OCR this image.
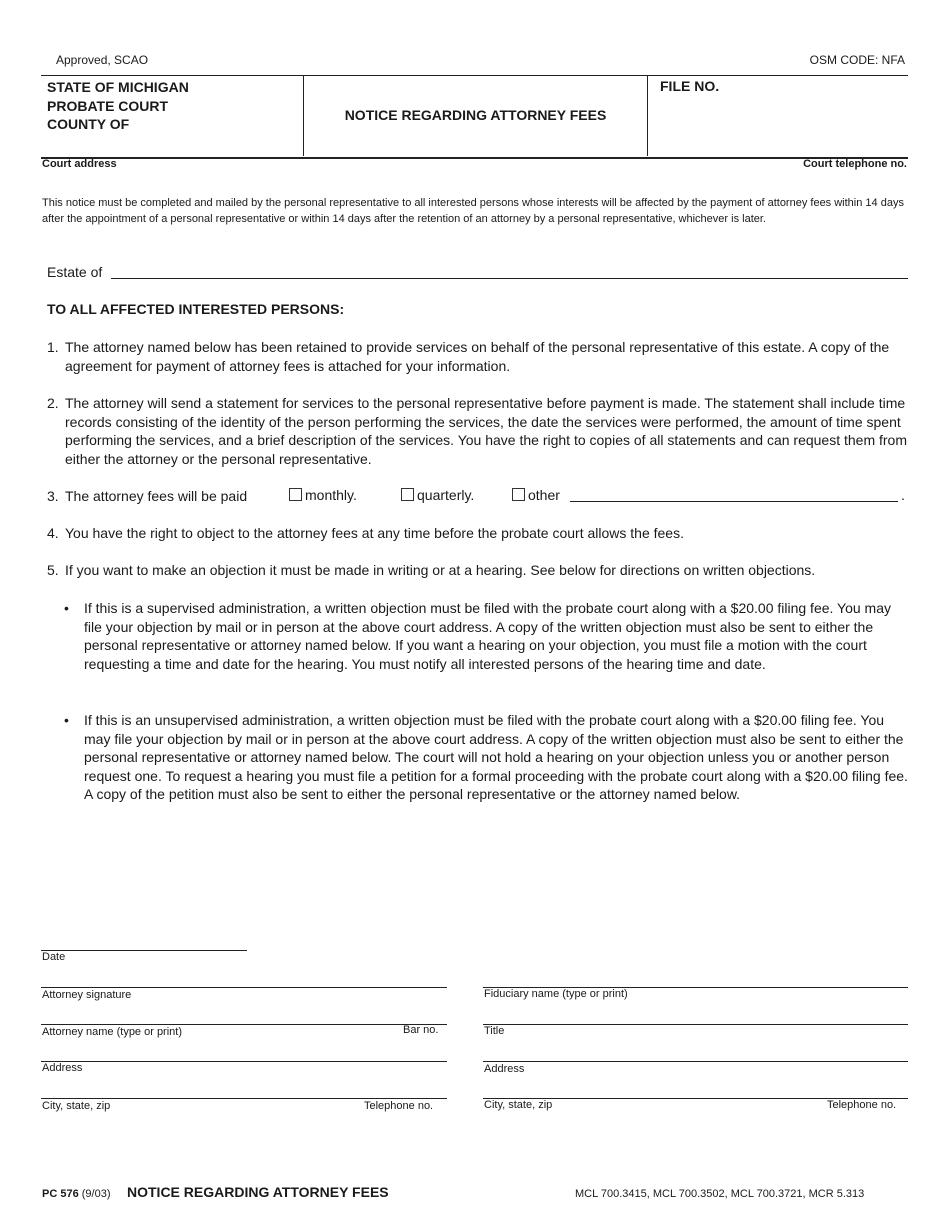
Approved, SCAO	OSM CODE: NFA
STATE OF MICHIGAN
PROBATE COURT
COUNTY OF
NOTICE REGARDING ATTORNEY FEES
FILE NO.
Court address	Court telephone no.
This notice must be completed and mailed by the personal representative to all interested persons whose interests will be affected by the payment of attorney fees within 14 days after the appointment of a personal representative or within 14 days after the retention of an attorney by a personal representative, whichever is later.
Estate of
TO ALL AFFECTED INTERESTED PERSONS:
1. The attorney named below has been retained to provide services on behalf of the personal representative of this estate. A copy of the agreement for payment of attorney fees is attached for your information.
2. The attorney will send a statement for services to the personal representative before payment is made. The statement shall include time records consisting of the identity of the person performing the services, the date the services were performed, the amount of time spent performing the services, and a brief description of the services. You have the right to copies of all statements and can request them from either the attorney or the personal representative.
3. The attorney fees will be paid	monthly.	quarterly.	other	.
4. You have the right to object to the attorney fees at any time before the probate court allows the fees.
5. If you want to make an objection it must be made in writing or at a hearing. See below for directions on written objections.
• If this is a supervised administration, a written objection must be filed with the probate court along with a $20.00 filing fee. You may file your objection by mail or in person at the above court address. A copy of the written objection must also be sent to either the personal representative or attorney named below. If you want a hearing on your objection, you must file a motion with the court requesting a time and date for the hearing. You must notify all interested persons of the hearing time and date.
• If this is an unsupervised administration, a written objection must be filed with the probate court along with a $20.00 filing fee. You may file your objection by mail or in person at the above court address. A copy of the written objection must also be sent to either the personal representative or attorney named below. The court will not hold a hearing on your objection unless you or another person request one. To request a hearing you must file a petition for a formal proceeding with the probate court along with a $20.00 filing fee. A copy of the petition must also be sent to either the personal representative or the attorney named below.
Date
Attorney signature
Attorney name (type or print)	Bar no.
Address
City, state, zip	Telephone no.
Fiduciary name (type or print)
Title
Address
City, state, zip	Telephone no.
PC 576 (9/03) NOTICE REGARDING ATTORNEY FEES	MCL 700.3415, MCL 700.3502, MCL 700.3721, MCR 5.313
